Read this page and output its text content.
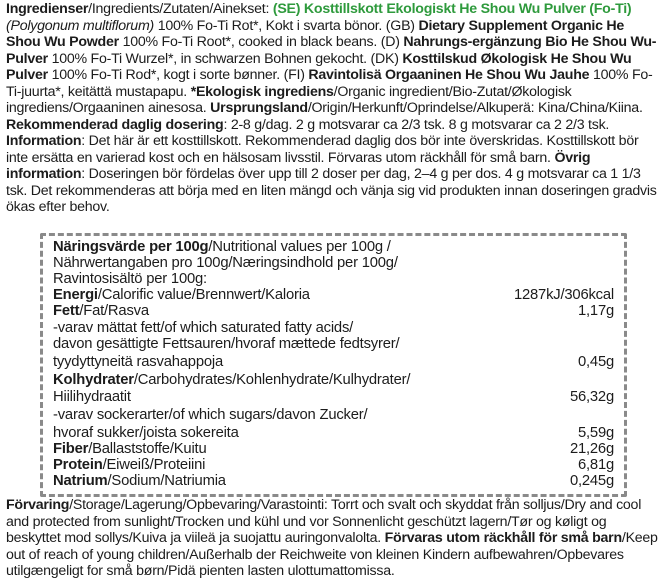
Ingredienser/Ingredients/Zutaten/Ainekset: (SE) Kosttillskott Ekologiskt He Shou Wu Pulver (Fo-Ti) (Polygonum multiflorum) 100% Fo-Ti Rot*, Kokt i svarta bönor. (GB) Dietary Supplement Organic He Shou Wu Powder 100% Fo-Ti Root*, cooked in black beans. (D) Nahrungs-ergänzung Bio He Shou Wu-Pulver 100% Fo-Ti Wurzel*, in schwarzen Bohnen gekocht. (DK) Kosttilskud Økologisk He Shou Wu Pulver 100% Fo-Ti Rod*, kogt i sorte bønner. (FI) Ravintolisä Orgaaninen He Shou Wu Jauhe 100% Fo-Ti-juurta*, keitättä mustapapu. *Ekologisk ingrediens/Organic ingredient/Bio-Zutat/Økologisk ingrediens/Orgaaninen ainesosa. Ursprungsland/Origin/Herkunft/Oprindelse/Alkuperä: Kina/China/Kiina. Rekommenderad daglig dosering: 2-8 g/dag. 2 g motsvarar ca 2/3 tsk. 8 g motsvarar ca 2 2/3 tsk.
Information: Det här är ett kosttillskott. Rekommenderad daglig dos bör inte överskridas. Kosttillskott bör inte ersätta en varierad kost och en hälsosam livsstil. Förvaras utom räckhåll för små barn. Övrig information: Doseringen bör fördelas över upp till 2 doser per dag, 2–4 g per dos. 4 g motsvarar ca 1 1/3 tsk. Det rekommenderas att börja med en liten mängd och vänja sig vid produkten innan doseringen gradvis ökas efter behov.
Näringsvärde per 100g/Nutritional values per 100g /
Nährwertangaben pro 100g/Næringsindhold per 100g/
Ravintosisältö per 100g:
Energi/Calorific value/Brennwert/Kaloria	1287kJ/306kcal
Fett/Fat/Rasva	1,17g
-varav mättat fett/of which saturated fatty acids/
davon gesättigte Fettsauren/hvoraf mættede fedtsyrer/
tyydyttyneitä rasvahappoja	0,45g
Kolhydrater/Carbohydrates/Kohlenhydrate/Kulhydrater/
Hiilihydraatit	56,32g
-varav sockerarter/of which sugars/davon Zucker/
hvoraf sukker/joista sokereita	5,59g
Fiber/Ballaststoffe/Kuitu	21,26g
Protein/Eiweiß/Proteiini	6,81g
Natrium/Sodium/Natriumia	0,245g
Förvaring/Storage/Lagerung/Opbevaring/Varastointi: Torrt och svalt och skyddat från solljus/Dry and cool and protected from sunlight/Trocken und kühl und vor Sonnenlicht geschützt lagern/Tør og køligt og beskyttet mod sollys/Kuiva ja viileä ja suojattu auringonvalolta. Förvaras utom räckhåll för små barn/Keep out of reach of young children/Außerhalb der Reichweite von kleinen Kindern aufbewahren/Opbevares utilgængeligt for små børn/Pidä pienten lasten ulottumattomissa.
